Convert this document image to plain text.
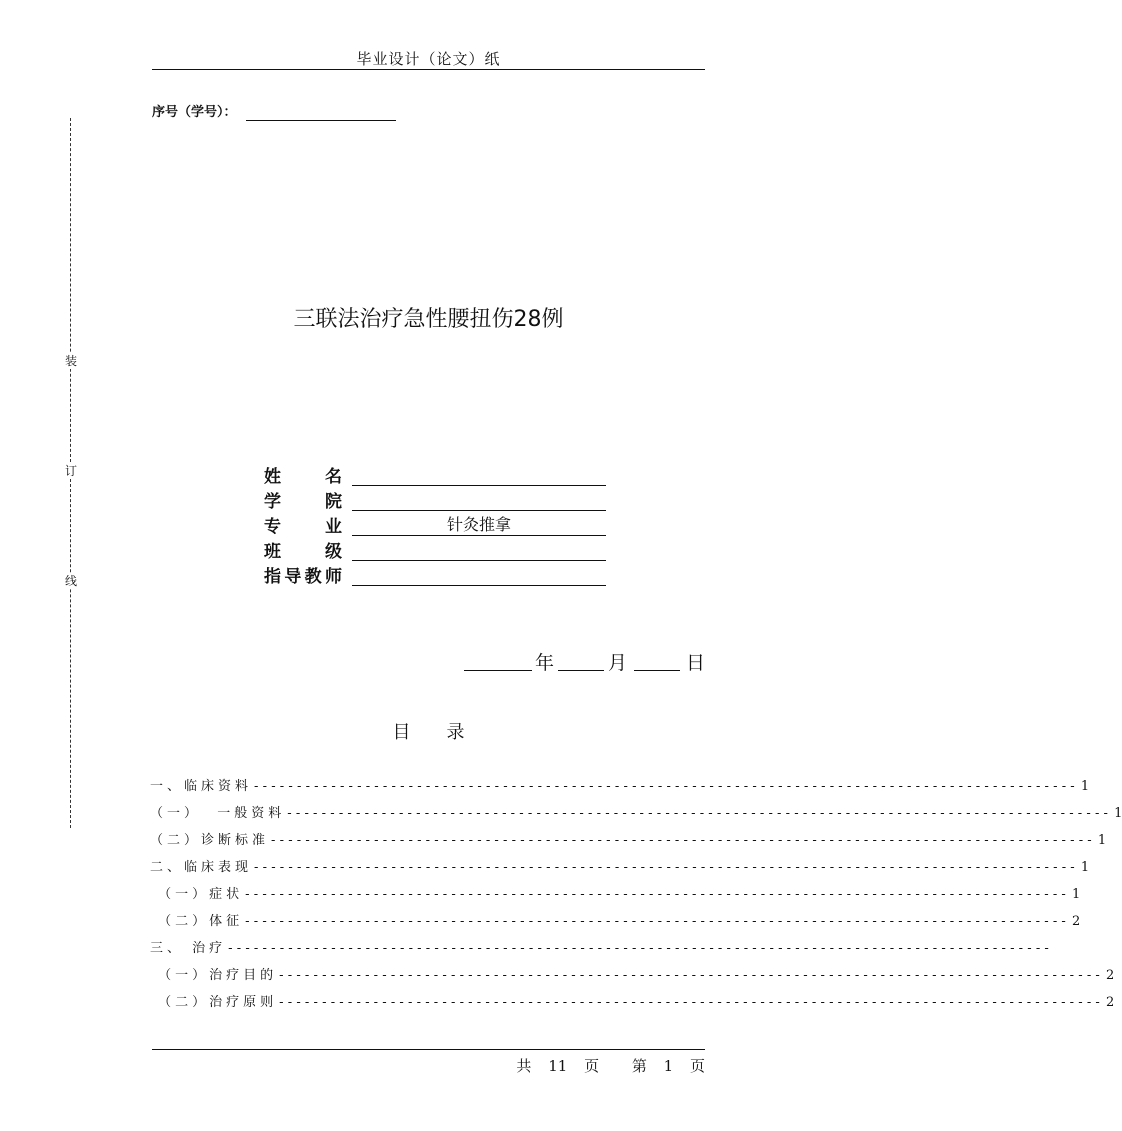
毕业设计（论文）纸
序号（学号）：
装
订
线
三联法治疗急性腰扭伤28例
姓名
学院
专业	针灸推拿
班级
指导教师
年	月	日
目录
一、临床资料 ------------------------------------------------------------------------------------------------ 1
（一）  一般资料 ------------------------------------------------------------------------------------------------ 1
（二）诊断标准 ------------------------------------------------------------------------------------------------ 1
二、临床表现 ------------------------------------------------------------------------------------------------ 1
（一）症状 ------------------------------------------------------------------------------------------------ 1
（二）体征 ------------------------------------------------------------------------------------------------ 2
三、 治疗 ------------------------------------------------------------------------------------------------
（一）治疗目的 ------------------------------------------------------------------------------------------------ 2
（二）治疗原则 ------------------------------------------------------------------------------------------------ 2
共 11 页 第 1 页
